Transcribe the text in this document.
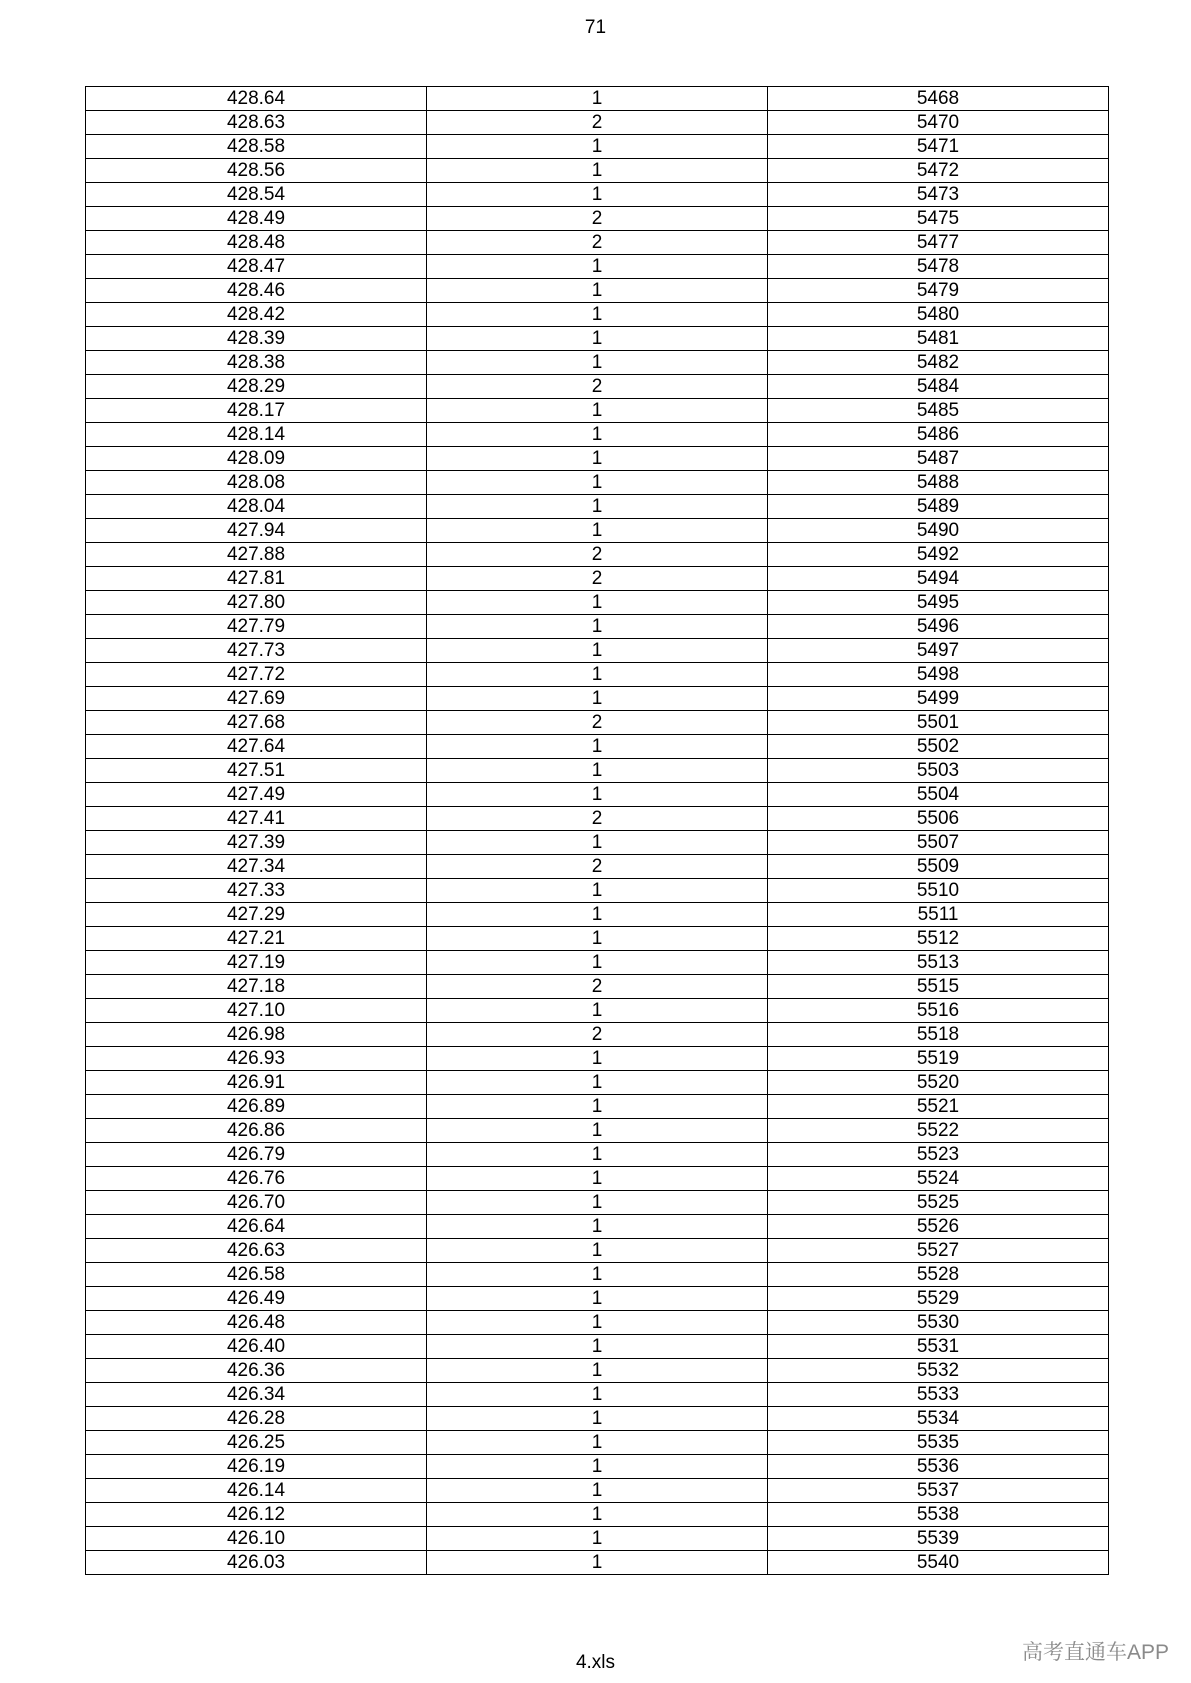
71
428.64	1	5468
428.63	2	5470
428.58	1	5471
428.56	1	5472
428.54	1	5473
428.49	2	5475
428.48	2	5477
428.47	1	5478
428.46	1	5479
428.42	1	5480
428.39	1	5481
428.38	1	5482
428.29	2	5484
428.17	1	5485
428.14	1	5486
428.09	1	5487
428.08	1	5488
428.04	1	5489
427.94	1	5490
427.88	2	5492
427.81	2	5494
427.80	1	5495
427.79	1	5496
427.73	1	5497
427.72	1	5498
427.69	1	5499
427.68	2	5501
427.64	1	5502
427.51	1	5503
427.49	1	5504
427.41	2	5506
427.39	1	5507
427.34	2	5509
427.33	1	5510
427.29	1	5511
427.21	1	5512
427.19	1	5513
427.18	2	5515
427.10	1	5516
426.98	2	5518
426.93	1	5519
426.91	1	5520
426.89	1	5521
426.86	1	5522
426.79	1	5523
426.76	1	5524
426.70	1	5525
426.64	1	5526
426.63	1	5527
426.58	1	5528
426.49	1	5529
426.48	1	5530
426.40	1	5531
426.36	1	5532
426.34	1	5533
426.28	1	5534
426.25	1	5535
426.19	1	5536
426.14	1	5537
426.12	1	5538
426.10	1	5539
426.03	1	5540
4.xls	高考直通车APP
